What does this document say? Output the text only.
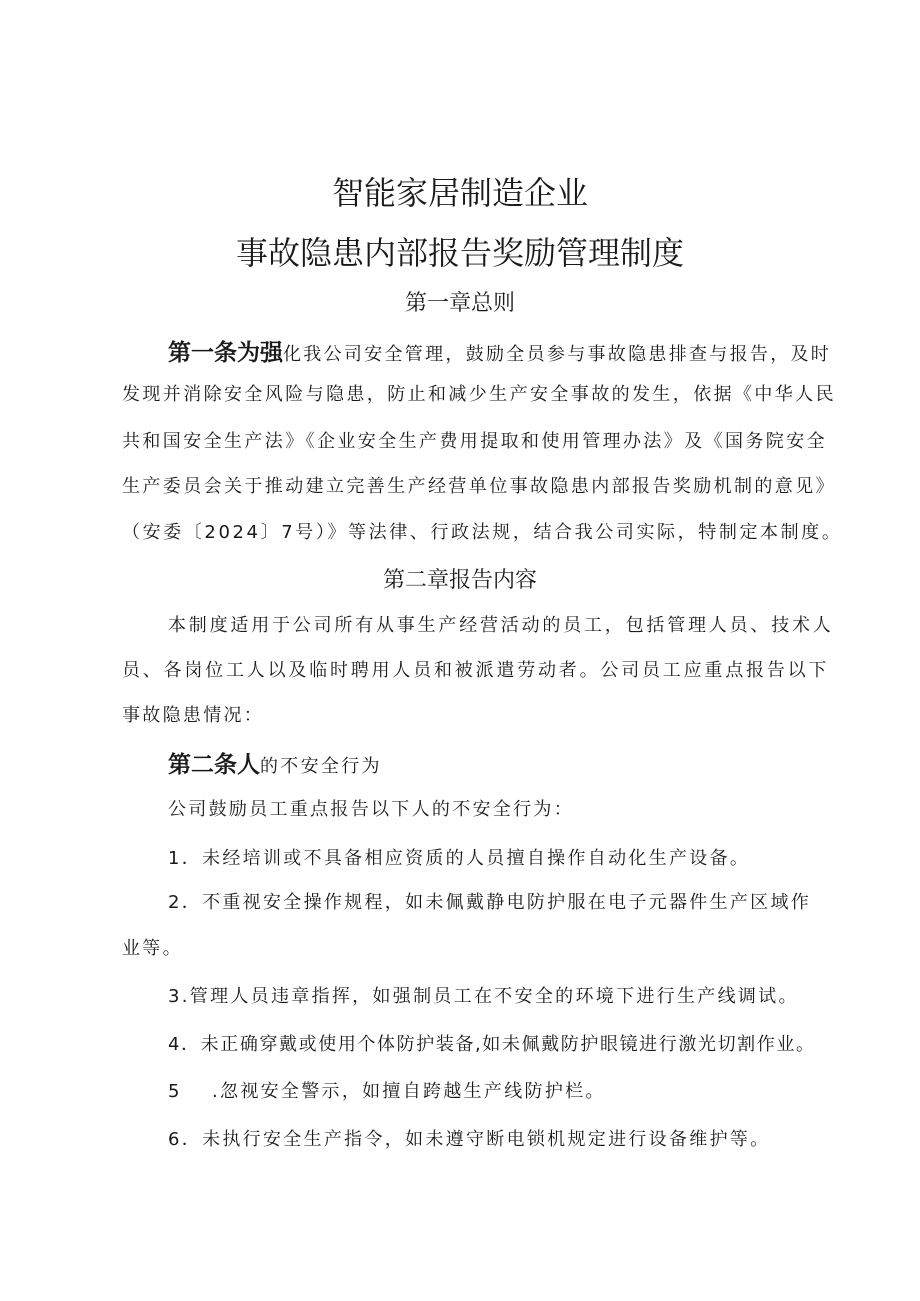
智能家居制造企业
事故隐患内部报告奖励管理制度
第一章总则
第一条为强化我公司安全管理，鼓励全员参与事故隐患排查与报告，及时
发现并消除安全风险与隐患，防止和减少生产安全事故的发生，依据《中华人民
共和国安全生产法》《企业安全生产费用提取和使用管理办法》及《国务院安全
生产委员会关于推动建立完善生产经营单位事故隐患内部报告奖励机制的意见》
（安委〔2024〕7号）》等法律、行政法规，结合我公司实际，特制定本制度。
第二章报告内容
本制度适用于公司所有从事生产经营活动的员工，包括管理人员、技术人
员、各岗位工人以及临时聘用人员和被派遣劳动者。公司员工应重点报告以下
事故隐患情况：
第二条人的不安全行为
公司鼓励员工重点报告以下人的不安全行为：
1．未经培训或不具备相应资质的人员擅自操作自动化生产设备。
2．不重视安全操作规程，如未佩戴静电防护服在电子元器件生产区域作
业等。
3.管理人员违章指挥，如强制员工在不安全的环境下进行生产线调试。
4．未正确穿戴或使用个体防护装备,如未佩戴防护眼镜进行激光切割作业。
5 .忽视安全警示，如擅自跨越生产线防护栏。
6．未执行安全生产指令，如未遵守断电锁机规定进行设备维护等。
